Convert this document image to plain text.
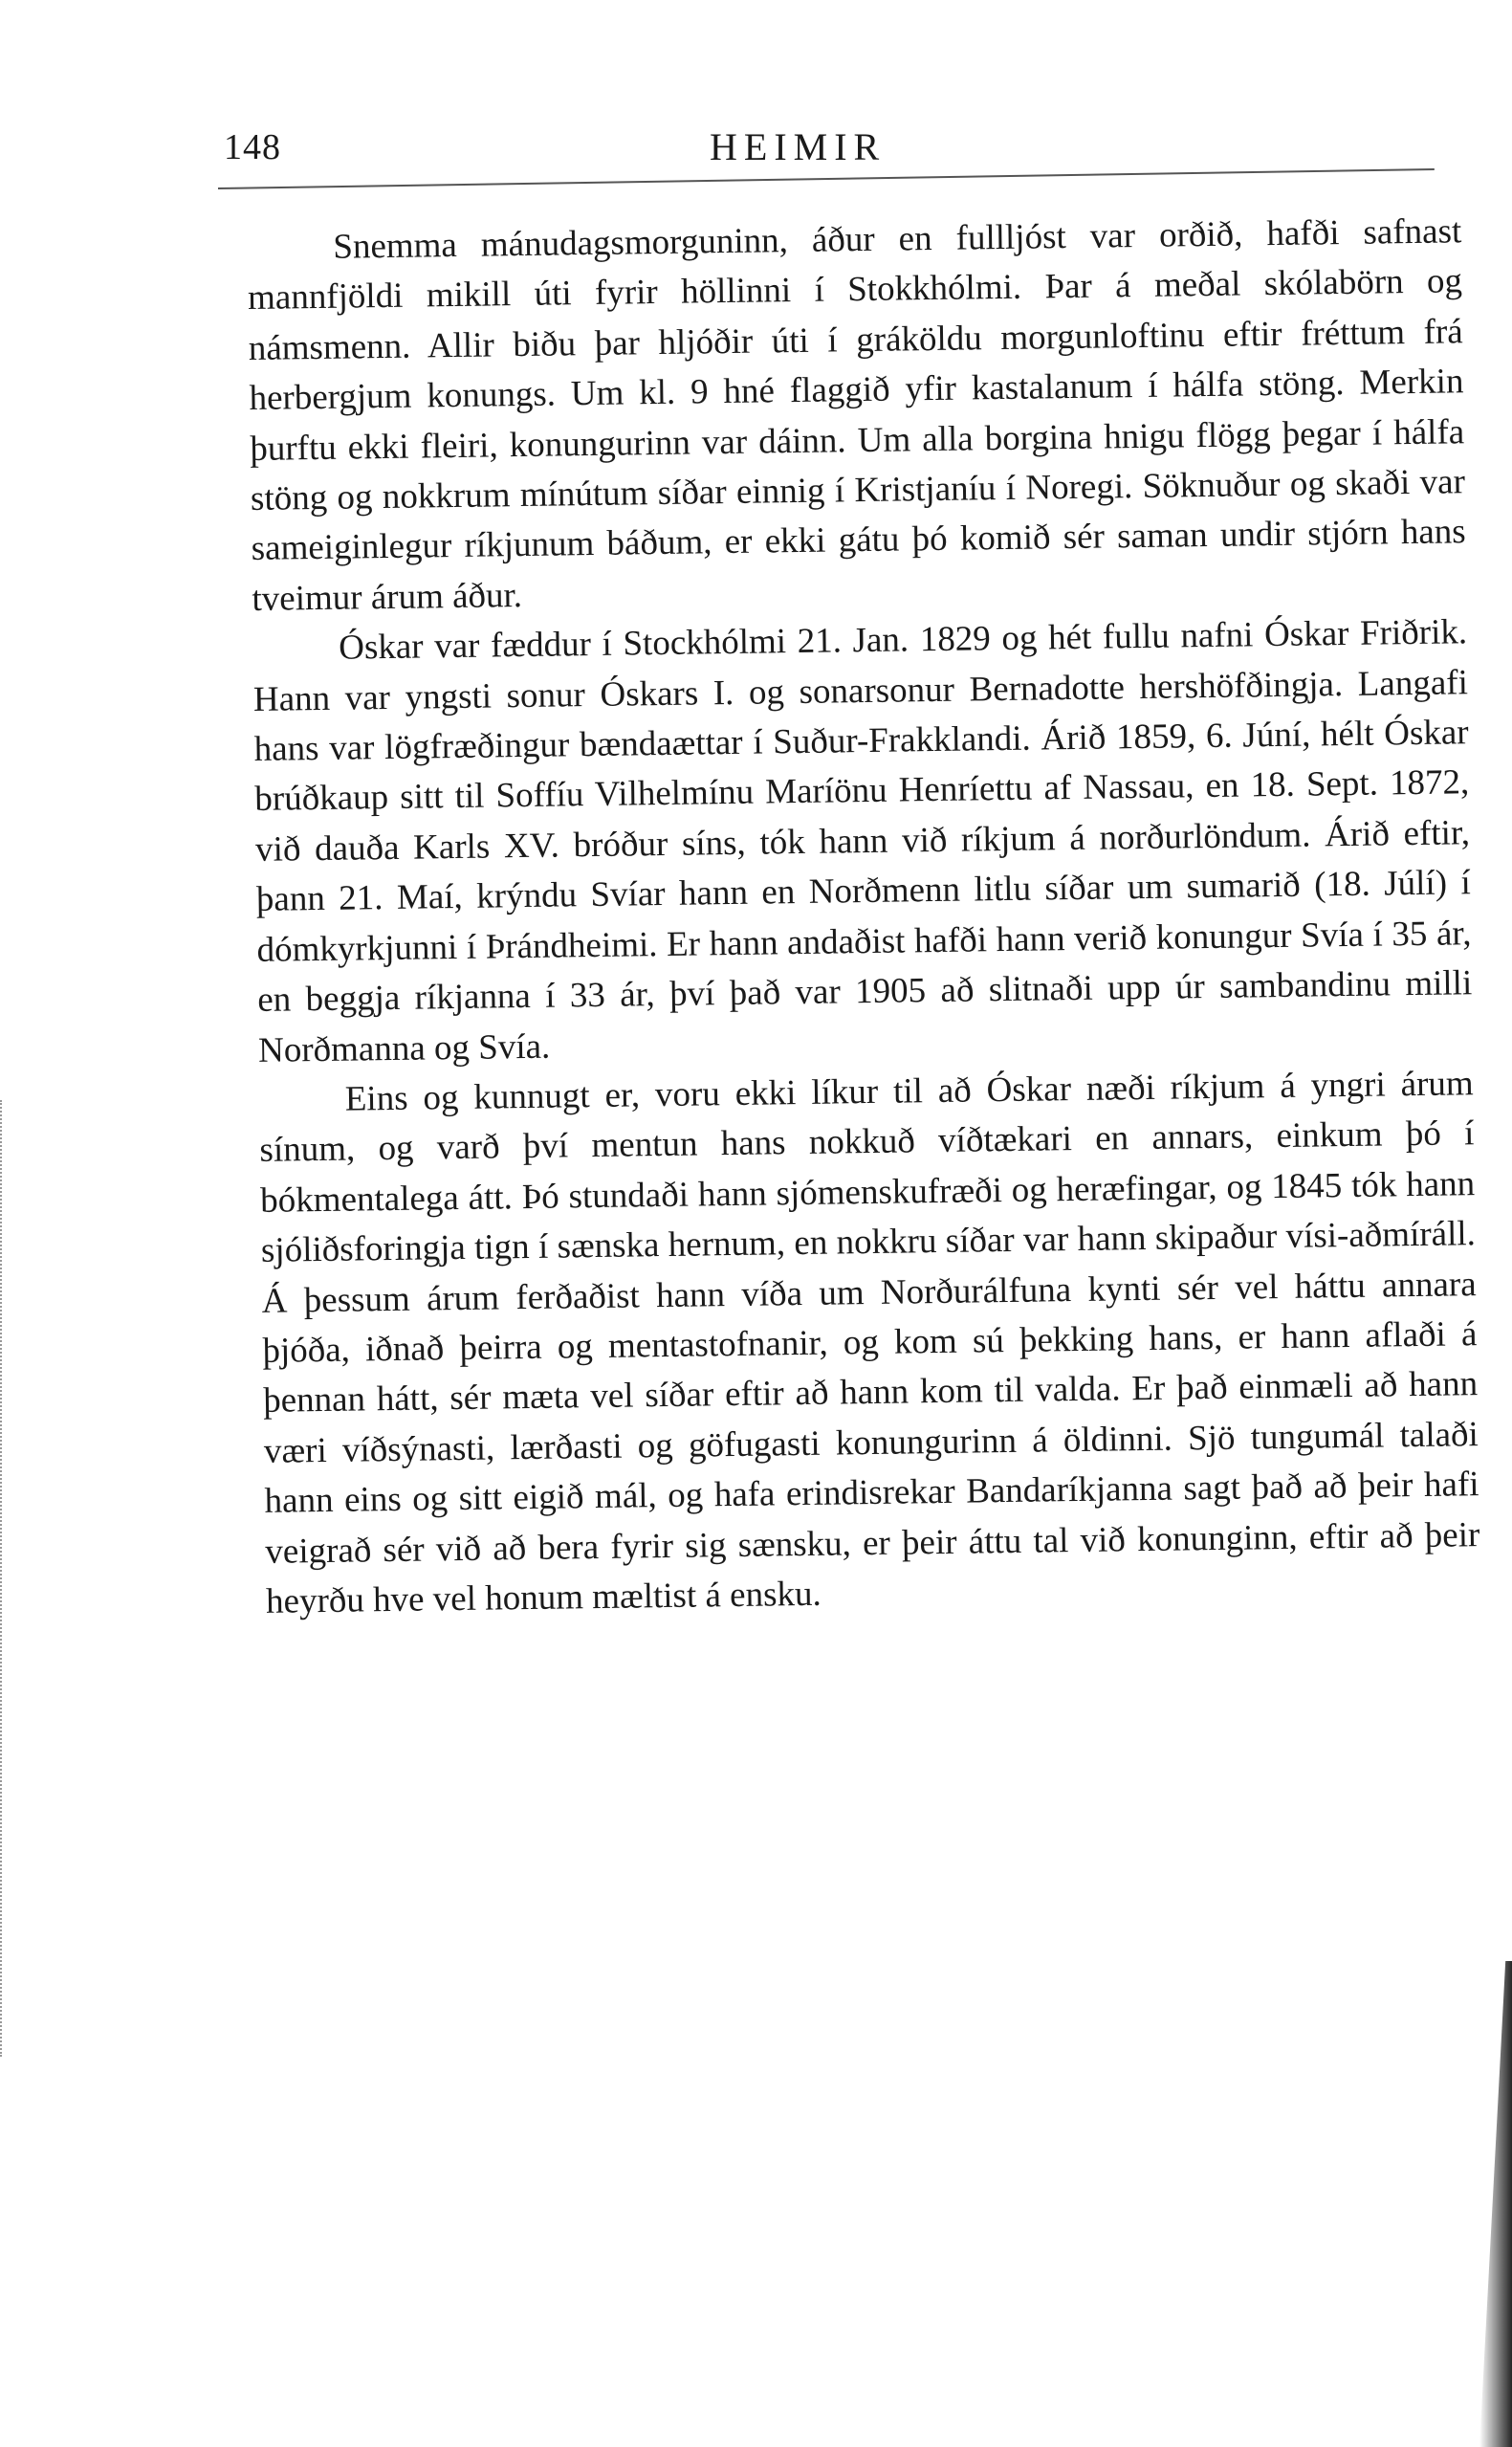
148	HEIMIR

Snemma mánudagsmorguninn, áður en fullljóst var orðið, hafði safnast mannfjöldi mikill úti fyrir höllinni í Stokkhólmi. Þar á meðal skólabörn og námsmenn. Allir biðu þar hljóðir úti í gráköldu morgunloftinu eftir fréttum frá herbergjum konungs. Um kl. 9 hné flaggið yfir kastalanum í hálfa stöng. Merkin þurftu ekki fleiri, konungurinn var dáinn. Um alla borgina hnigu flögg þegar í hálfa stöng og nokkrum mínútum síðar einnig í Kristjaníu í Noregi. Söknuður og skaði var sameiginlegur ríkjunum báðum, er ekki gátu þó komið sér saman undir stjórn hans tveimur árum áður.

Óskar var fæddur í Stockhólmi 21. Jan. 1829 og hét fullu nafni Óskar Friðrik. Hann var yngsti sonur Óskars I. og sonarsonur Bernadotte hershöfðingja. Langafi hans var lögfræðingur bændaættar í Suður-Frakklandi. Árið 1859, 6. Júní, hélt Óskar brúðkaup sitt til Soffíu Vilhelmínu Maríönu Henríettu af Nassau, en 18. Sept. 1872, við dauða Karls XV. bróður síns, tók hann við ríkjum á norðurlöndum. Árið eftir, þann 21. Maí, krýndu Svíar hann en Norðmenn litlu síðar um sumarið (18. Júlí) í dómkyrkjunni í Þrándheimi. Er hann andaðist hafði hann verið konungur Svía í 35 ár, en beggja ríkjanna í 33 ár, því það var 1905 að slitnaði upp úr sambandinu milli Norðmanna og Svía.

Eins og kunnugt er, voru ekki líkur til að Óskar næði ríkjum á yngri árum sínum, og varð því mentun hans nokkuð víðtækari en annars, einkum þó í bókmentalega átt. Þó stundaði hann sjómenskufræði og heræfingar, og 1845 tók hann sjóliðsforingja tign í sænska hernum, en nokkru síðar var hann skipaður vísi-aðmíráll. Á þessum árum ferðaðist hann víða um Norðurálfuna kynti sér vel háttu annara þjóða, iðnað þeirra og mentastofnanir, og kom sú þekking hans, er hann aflaði á þennan hátt, sér mæta vel síðar eftir að hann kom til valda. Er það einmæli að hann væri víðsýnasti, lærðasti og göfugasti konungurinn á öldinni. Sjö tungumál talaði hann eins og sitt eigið mál, og hafa erindisrekar Bandaríkjanna sagt það að þeir hafi veigrað sér við að bera fyrir sig sænsku, er þeir áttu tal við konunginn, eftir að þeir heyrðu hve vel honum mæltist á ensku.
